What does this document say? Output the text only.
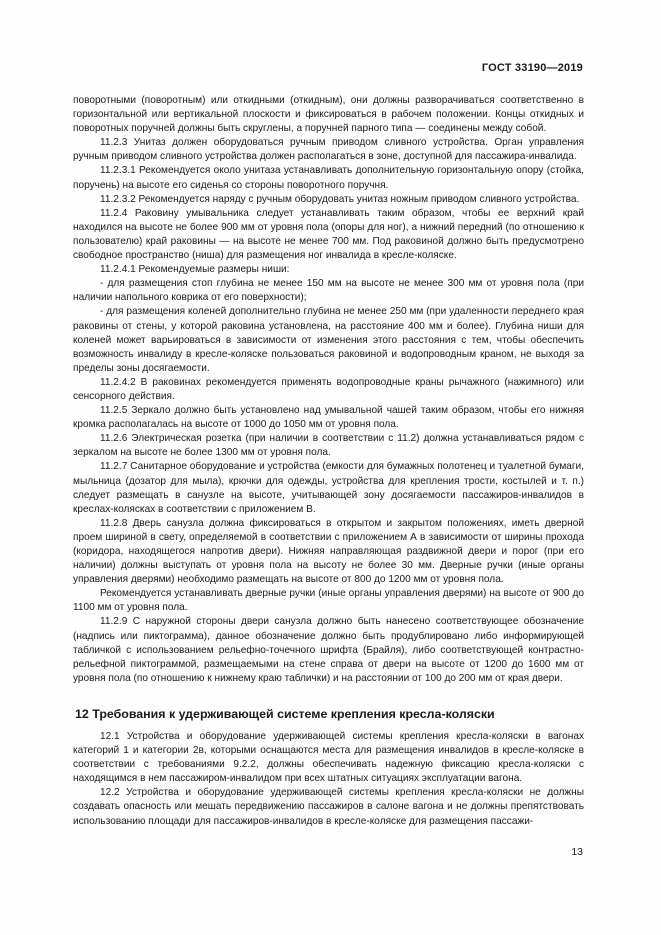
ГОСТ 33190—2019

поворотными (поворотным) или откидными (откидным), они должны разворачиваться соответственно в горизонтальной или вертикальной плоскости и фиксироваться в рабочем положении. Концы откидных и поворотных поручней должны быть скруглены, а поручней парного типа — соединены между собой.

11.2.3 Унитаз должен оборудоваться ручным приводом сливного устройства. Орган управления ручным приводом сливного устройства должен располагаться в зоне, доступной для пассажира-инвалида.

11.2.3.1 Рекомендуется около унитаза устанавливать дополнительную горизонтальную опору (стойка, поручень) на высоте его сиденья со стороны поворотного поручня.

11.2.3.2 Рекомендуется наряду с ручным оборудовать унитаз ножным приводом сливного устройства.

11.2.4 Раковину умывальника следует устанавливать таким образом, чтобы ее верхний край находился на высоте не более 900 мм от уровня пола (опоры для ног), а нижний передний (по отношению к пользователю) край раковины — на высоте не менее 700 мм. Под раковиной должно быть предусмотрено свободное пространство (ниша) для размещения ног инвалида в кресле-коляске.

11.2.4.1 Рекомендуемые размеры ниши:

- для размещения стоп глубина не менее 150 мм на высоте не менее 300 мм от уровня пола (при наличии напольного коврика от его поверхности);

- для размещения коленей дополнительно глубина не менее 250 мм (при удаленности переднего края раковины от стены, у которой раковина установлена, на расстояние 400 мм и более). Глубина ниши для коленей может варьироваться в зависимости от изменения этого расстояния с тем, чтобы обеспечить возможность инвалиду в кресле-коляске пользоваться раковиной и водопроводным краном, не выходя за пределы зоны досягаемости.

11.2.4.2 В раковинах рекомендуется применять водопроводные краны рычажного (нажимного) или сенсорного действия.

11.2.5 Зеркало должно быть установлено над умывальной чашей таким образом, чтобы его нижняя кромка располагалась на высоте от 1000 до 1050 мм от уровня пола.

11.2.6 Электрическая розетка (при наличии в соответствии с 11.2) должна устанавливаться рядом с зеркалом на высоте не более 1300 мм от уровня пола.

11.2.7 Санитарное оборудование и устройства (емкости для бумажных полотенец и туалетной бумаги, мыльница (дозатор для мыла), крючки для одежды, устройства для крепления трости, костылей и т. п.) следует размещать в санузле на высоте, учитывающей зону досягаемости пассажиров-инвалидов в креслах-колясках в соответствии с приложением В.

11.2.8 Дверь санузла должна фиксироваться в открытом и закрытом положениях, иметь дверной проем шириной в свету, определяемой в соответствии с приложением А в зависимости от ширины прохода (коридора, находящегося напротив двери). Нижняя направляющая раздвижной двери и порог (при его наличии) должны выступать от уровня пола на высоту не более 30 мм. Дверные ручки (иные органы управления дверями) необходимо размещать на высоте от 800 до 1200 мм от уровня пола.

Рекомендуется устанавливать дверные ручки (иные органы управления дверями) на высоте от 900 до 1100 мм от уровня пола.

11.2.9 С наружной стороны двери санузла должно быть нанесено соответствующее обозначение (надпись или пиктограмма), данное обозначение должно быть продублировано либо информирующей табличкой с использованием рельефно-точечного шрифта (Брайля), либо соответствующей контрастно-рельефной пиктограммой, размещаемыми на стене справа от двери на высоте от 1200 до 1600 мм от уровня пола (по отношению к нижнему краю таблички) и на расстоянии от 100 до 200 мм от края двери.

12 Требования к удерживающей системе крепления кресла-коляски

12.1 Устройства и оборудование удерживающей системы крепления кресла-коляски в вагонах категорий 1 и категории 2в, которыми оснащаются места для размещения инвалидов в кресле-коляске в соответствии с требованиями 9.2.2, должны обеспечивать надежную фиксацию кресла-коляски с находящимся в нем пассажиром-инвалидом при всех штатных ситуациях эксплуатации вагона.

12.2 Устройства и оборудование удерживающей системы крепления кресла-коляски не должны создавать опасность или мешать передвижению пассажиров в салоне вагона и не должны препятствовать использованию площади для пассажиров-инвалидов в кресле-коляске для размещения пассажи-

13
